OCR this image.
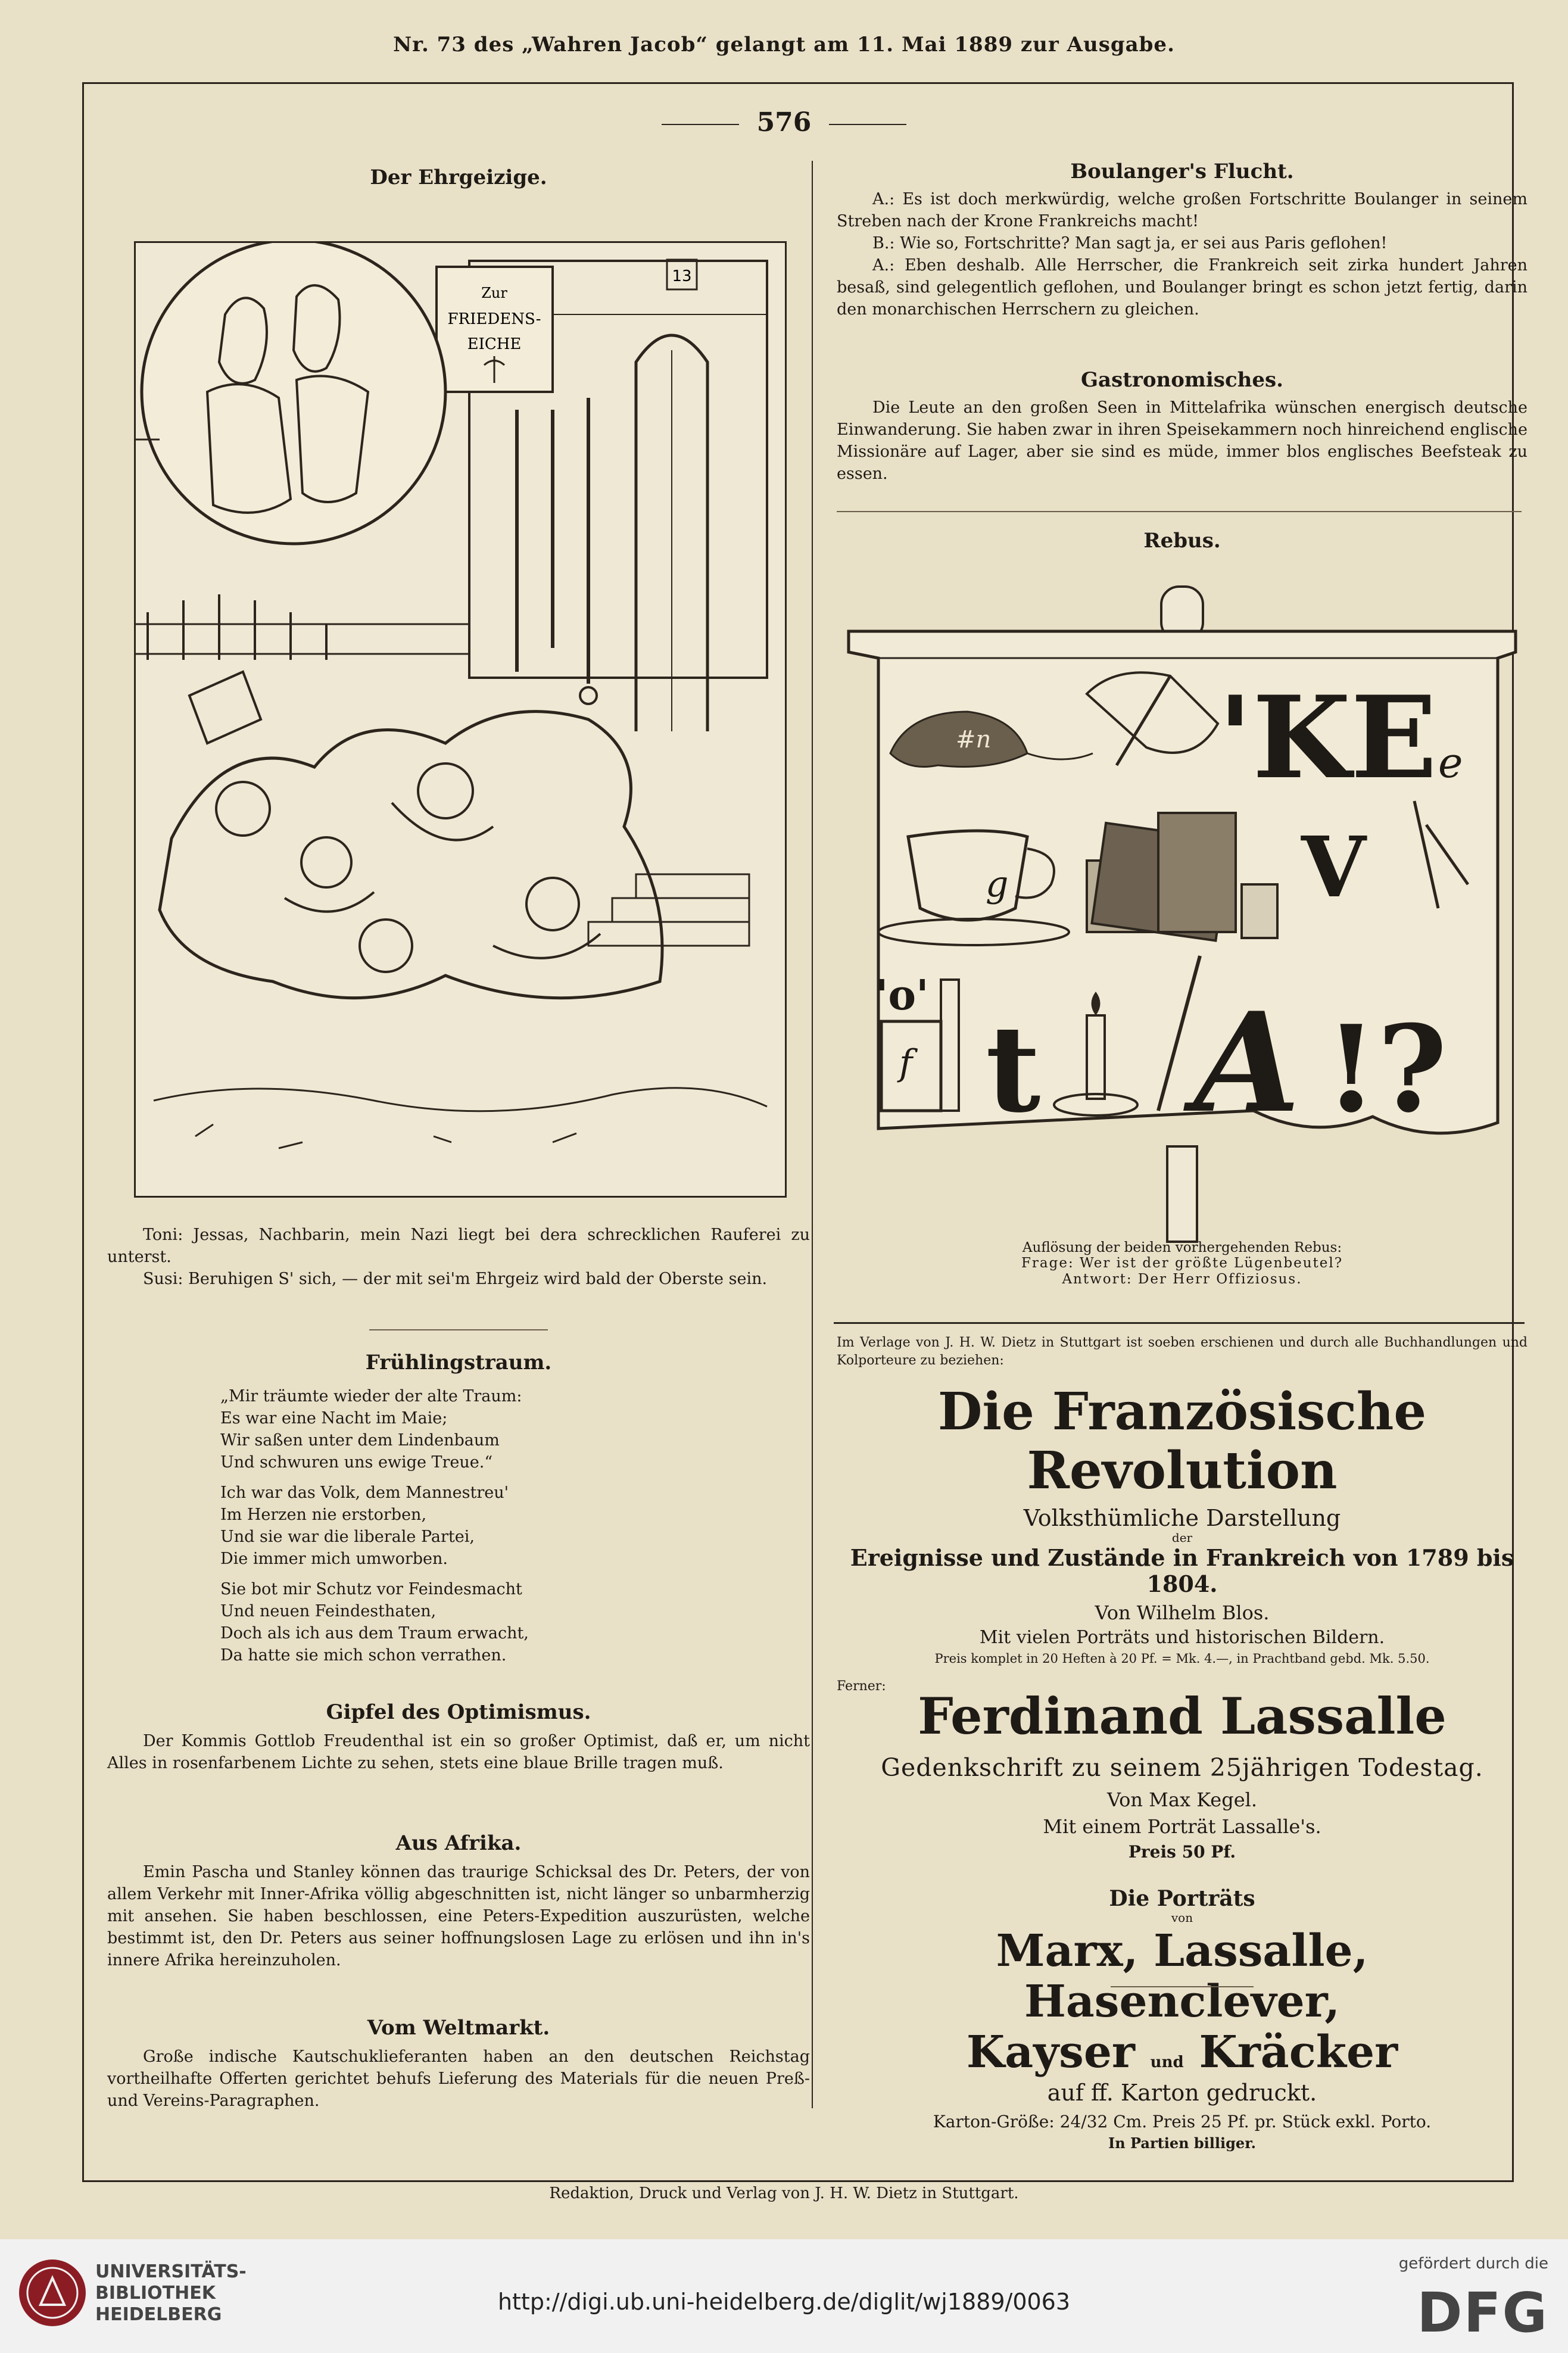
Nr. 73 des „Wahren Jacob“ gelangt am 11. Mai 1889 zur Ausgabe.
576
Der Ehrgeizige.
Zur
FRIEDENS-
EICHE
13

Toni: Jessas, Nachbarin, mein Nazi liegt bei dera schrecklichen Rauferei zu unterst.

Susi: Beruhigen S' sich, — der mit sei'm Ehrgeiz wird bald der Oberste sein.

Frühlingstraum.
„Mir träumte wieder der alte Traum:
Es war eine Nacht im Maie;
Wir saßen unter dem Lindenbaum
Und schwuren uns ewige Treue.“
Ich war das Volk, dem Mannestreu'
Im Herzen nie erstorben,
Und sie war die liberale Partei,
Die immer mich umworben.
Sie bot mir Schutz vor Feindesmacht
Und neuen Feindesthaten,
Doch als ich aus dem Traum erwacht,
Da hatte sie mich schon verrathen.
Gipfel des Optimismus.

Der Kommis Gottlob Freudenthal ist ein so großer Optimist, daß er, um nicht Alles in rosenfarbenem Lichte zu sehen, stets eine blaue Brille tragen muß.

Aus Afrika.

Emin Pascha und Stanley können das traurige Schicksal des Dr. Peters, der von allem Verkehr mit Inner-Afrika völlig abgeschnitten ist, nicht länger so unbarmherzig mit ansehen. Sie haben beschlossen, eine Peters-Expedition auszurüsten, welche bestimmt ist, den Dr. Peters aus seiner hoffnungslosen Lage zu erlösen und ihn in's innere Afrika hereinzuholen.

Vom Weltmarkt.

Große indische Kautschuklieferanten haben an den deutschen Reichstag vortheilhafte Offerten gerichtet behufs Lieferung des Materials für die neuen Preß- und Vereins-Paragraphen.

Boulanger's Flucht.

A.: Es ist doch merkwürdig, welche großen Fortschritte Boulanger in seinem Streben nach der Krone Frankreichs macht!

B.: Wie so, Fortschritte? Man sagt ja, er sei aus Paris geflohen!

A.: Eben deshalb. Alle Herrscher, die Frankreich seit zirka hundert Jahren besaß, sind gelegentlich geflohen, und Boulanger bringt es schon jetzt fertig, darin den monarchischen Herrschern zu gleichen.

Gastronomisches.

Die Leute an den großen Seen in Mittelafrika wünschen energisch deutsche Einwanderung. Sie haben zwar in ihren Speisekammern noch hinreichend englische Missionäre auf Lager, aber sie sind es müde, immer blos englisches Beefsteak zu essen.

Rebus.
#n 'KE e
g	V
'o'
f t A !?
Auflösung der beiden vorhergehenden Rebus:
Frage: Wer ist der größte Lügenbeutel?
Antwort: Der Herr Offiziosus.

Im Verlage von J. H. W. Dietz in Stuttgart ist soeben erschienen und durch alle Buchhandlungen und Kolporteure zu beziehen:

Die Französische Revolution
Volksthümliche Darstellung
der
Ereignisse und Zustände in Frankreich von 1789 bis 1804.
Von Wilhelm Blos.
Mit vielen Porträts und historischen Bildern.
Preis komplet in 20 Heften à 20 Pf. = Mk. 4.—, in Prachtband gebd. Mk. 5.50.
Ferner:
Ferdinand Lassalle
Gedenkschrift zu seinem 25jährigen Todestag.
Von Max Kegel.
Mit einem Porträt Lassalle's.
Preis 50 Pf.
Die Porträts
von
Marx, Lassalle, Hasenclever,
Kayser und Kräcker
auf ff. Karton gedruckt.
Karton-Größe: 24/32 Cm. Preis 25 Pf. pr. Stück exkl. Porto.
In Partien billiger.
Redaktion, Druck und Verlag von J. H. W. Dietz in Stuttgart.
UNIVERSITÄTS-
BIBLIOTHEK
HEIDELBERG	http://digi.ub.uni-heidelberg.de/diglit/wj1889/0063
gefördert durch die
DFG
